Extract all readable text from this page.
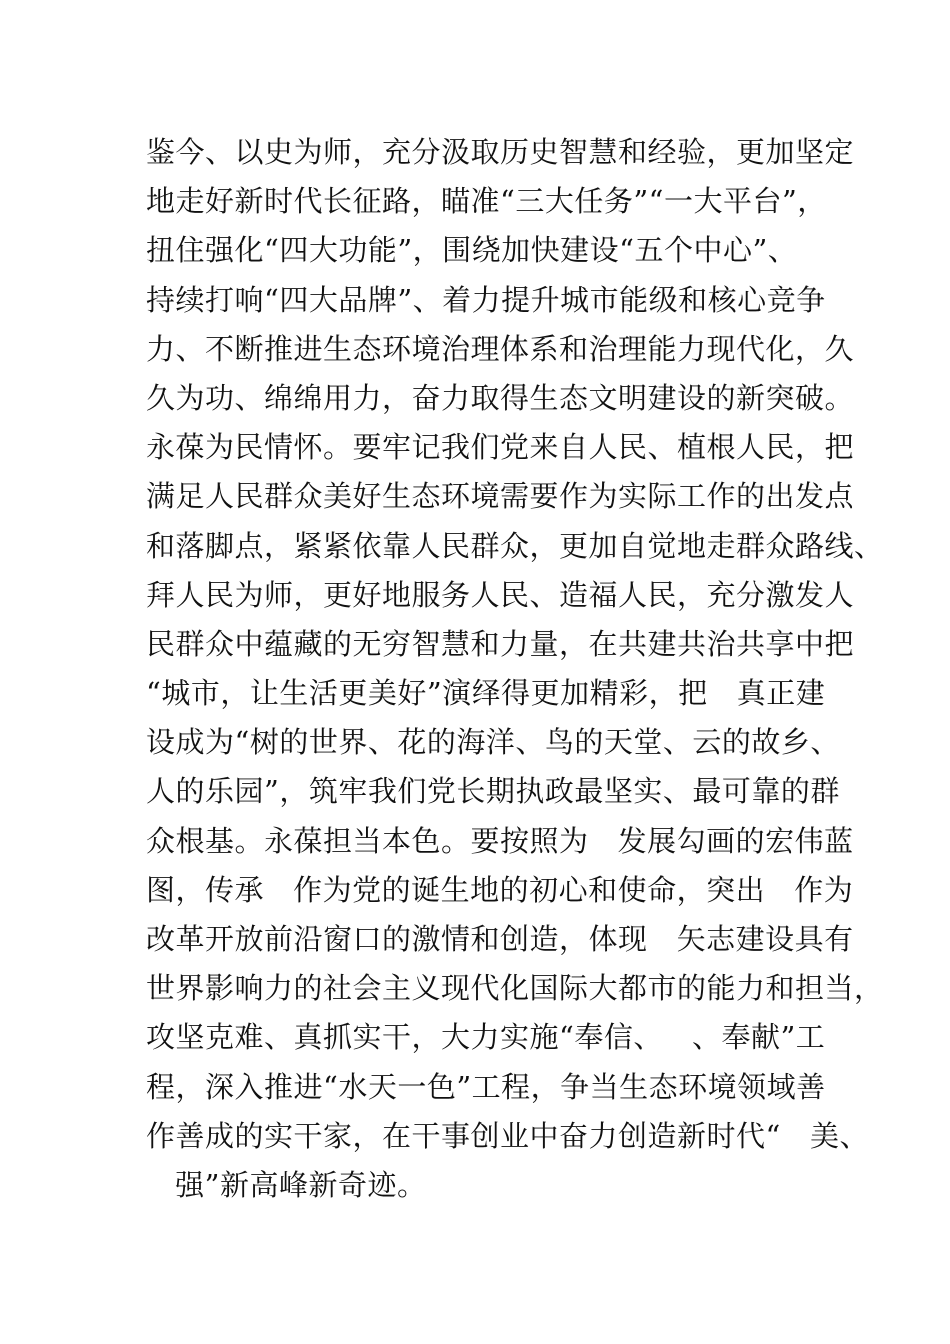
鉴今、以史为师，充分汲取历史智慧和经验，更加坚定
地走好新时代长征路，瞄准“三大任务”“一大平台”，
扭住强化“四大功能”，围绕加快建设“五个中心”、
持续打响“四大品牌”、着力提升城市能级和核心竞争
力、不断推进生态环境治理体系和治理能力现代化，久
久为功、绵绵用力，奋力取得生态文明建设的新突破。
永葆为民情怀。要牢记我们党来自人民、植根人民，把
满足人民群众美好生态环境需要作为实际工作的出发点
和落脚点，紧紧依靠人民群众，更加自觉地走群众路线、
拜人民为师，更好地服务人民、造福人民，充分激发人
民群众中蕴藏的无穷智慧和力量，在共建共治共享中把
“城市，让生活更美好”演绎得更加精彩，把   真正建
设成为“树的世界、花的海洋、鸟的天堂、云的故乡、
人的乐园”，筑牢我们党长期执政最坚实、最可靠的群
众根基。永葆担当本色。要按照为   发展勾画的宏伟蓝
图，传承   作为党的诞生地的初心和使命，突出   作为
改革开放前沿窗口的激情和创造，体现   矢志建设具有
世界影响力的社会主义现代化国际大都市的能力和担当，
攻坚克难、真抓实干，大力实施“奉信、   、奉献”工
程，深入推进“水天一色”工程，争当生态环境领域善
作善成的实干家，在干事创业中奋力创造新时代“   美、
强”新高峰新奇迹。
